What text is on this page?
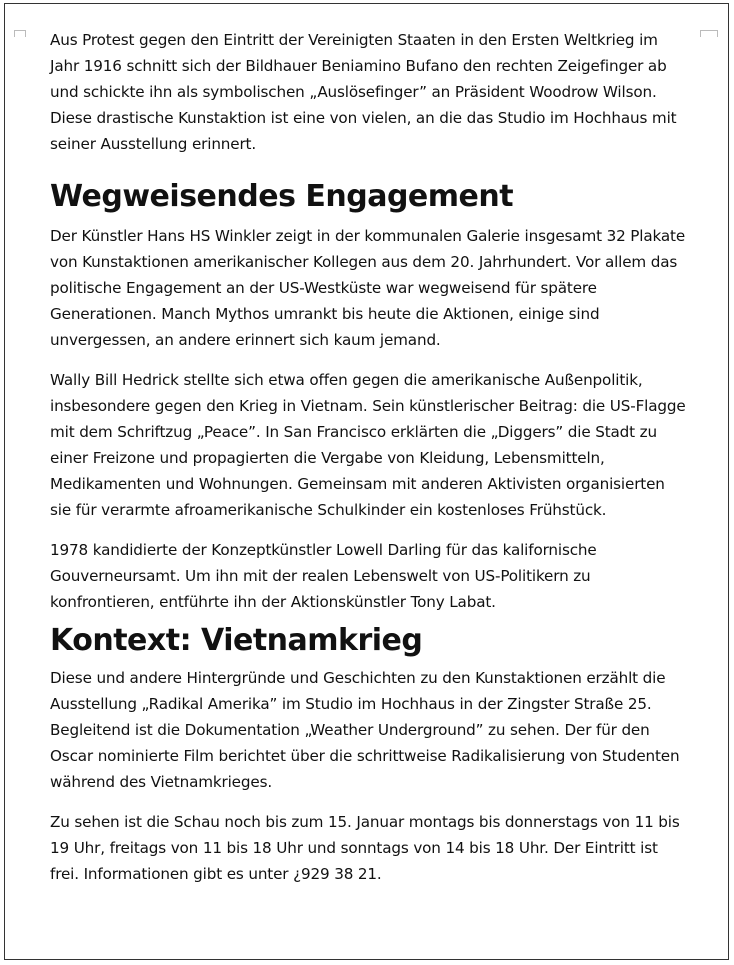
Aus Protest gegen den Eintritt der Vereinigten Staaten in den Ersten Weltkrieg im Jahr 1916 schnitt sich der Bildhauer Beniamino Bufano den rechten Zeigefinger ab und schickte ihn als symbolischen „Auslösefinger” an Präsident Woodrow Wilson. Diese drastische Kunstaktion ist eine von vielen, an die das Studio im Hochhaus mit seiner Ausstellung erinnert.

Wegweisendes Engagement

Der Künstler Hans HS Winkler zeigt in der kommunalen Galerie insgesamt 32 Plakate von Kunstaktionen amerikanischer Kollegen aus dem 20. Jahrhundert. Vor allem das politische Engagement an der US-Westküste war wegweisend für spätere Generationen. Manch Mythos umrankt bis heute die Aktionen, einige sind unvergessen, an andere erinnert sich kaum jemand.

Wally Bill Hedrick stellte sich etwa offen gegen die amerikanische Außenpolitik, insbesondere gegen den Krieg in Vietnam. Sein künstlerischer Beitrag: die US-Flagge mit dem Schriftzug „Peace”. In San Francisco erklärten die „Diggers” die Stadt zu einer Freizone und propagierten die Vergabe von Kleidung, Lebensmitteln, Medikamenten und Wohnungen. Gemeinsam mit anderen Aktivisten organisierten sie für verarmte afroamerikanische Schulkinder ein kostenloses Frühstück.

1978 kandidierte der Konzeptkünstler Lowell Darling für das kalifornische Gouverneursamt. Um ihn mit der realen Lebenswelt von US-Politikern zu konfrontieren, entführte ihn der Aktionskünstler Tony Labat.

Kontext: Vietnamkrieg

Diese und andere Hintergründe und Geschichten zu den Kunstaktionen erzählt die Ausstellung „Radikal Amerika” im Studio im Hochhaus in der Zingster Straße 25. Begleitend ist die Dokumentation „Weather Underground” zu sehen. Der für den Oscar nominierte Film berichtet über die schrittweise Radikalisierung von Studenten während des Vietnamkrieges.

Zu sehen ist die Schau noch bis zum 15. Januar montags bis donnerstags von 11 bis 19 Uhr, freitags von 11 bis 18 Uhr und sonntags von 14 bis 18 Uhr. Der Eintritt ist frei. Informationen gibt es unter ¿929 38 21.
